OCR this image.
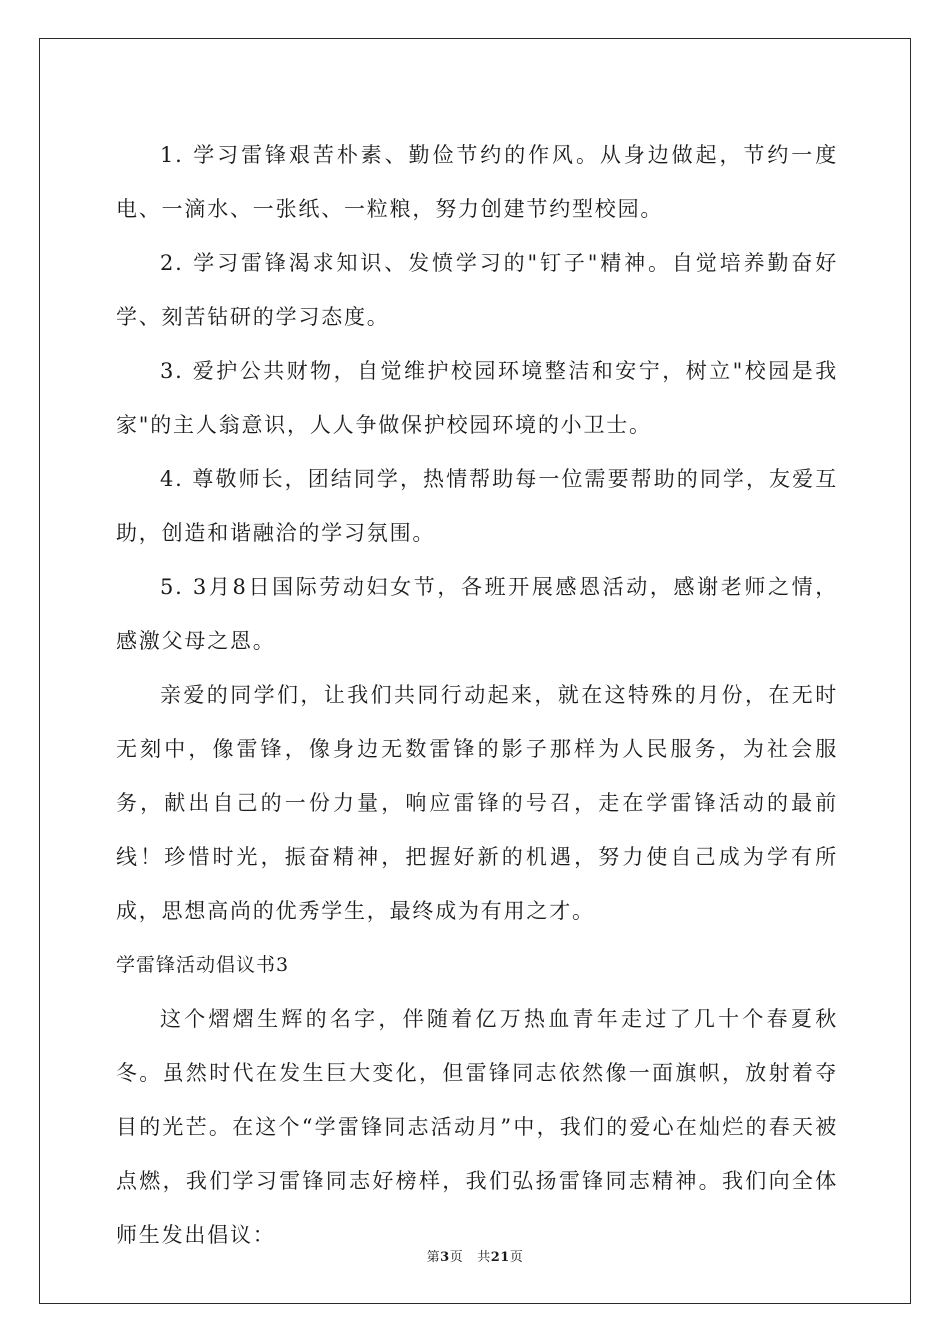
1. 学习雷锋艰苦朴素、勤俭节约的作风。从身边做起，节约一度电、一滴水、一张纸、一粒粮，努力创建节约型校园。

2. 学习雷锋渴求知识、发愤学习的"钉子"精神。自觉培养勤奋好学、刻苦钻研的学习态度。

3. 爱护公共财物，自觉维护校园环境整洁和安宁，树立"校园是我家"的主人翁意识，人人争做保护校园环境的小卫士。

4. 尊敬师长，团结同学，热情帮助每一位需要帮助的同学，友爱互助，创造和谐融洽的学习氛围。

5. 3月8日国际劳动妇女节，各班开展感恩活动，感谢老师之情，感激父母之恩。

亲爱的同学们，让我们共同行动起来，就在这特殊的月份，在无时无刻中，像雷锋，像身边无数雷锋的影子那样为人民服务，为社会服务，献出自己的一份力量，响应雷锋的号召，走在学雷锋活动的最前线！珍惜时光，振奋精神，把握好新的机遇，努力使自己成为学有所成，思想高尚的优秀学生，最终成为有用之才。

学雷锋活动倡议书3

这个熠熠生辉的名字，伴随着亿万热血青年走过了几十个春夏秋冬。虽然时代在发生巨大变化，但雷锋同志依然像一面旗帜，放射着夺目的光芒。在这个“学雷锋同志活动月”中，我们的爱心在灿烂的春天被点燃，我们学习雷锋同志好榜样，我们弘扬雷锋同志精神。我们向全体师生发出倡议：

第3页 共21页
